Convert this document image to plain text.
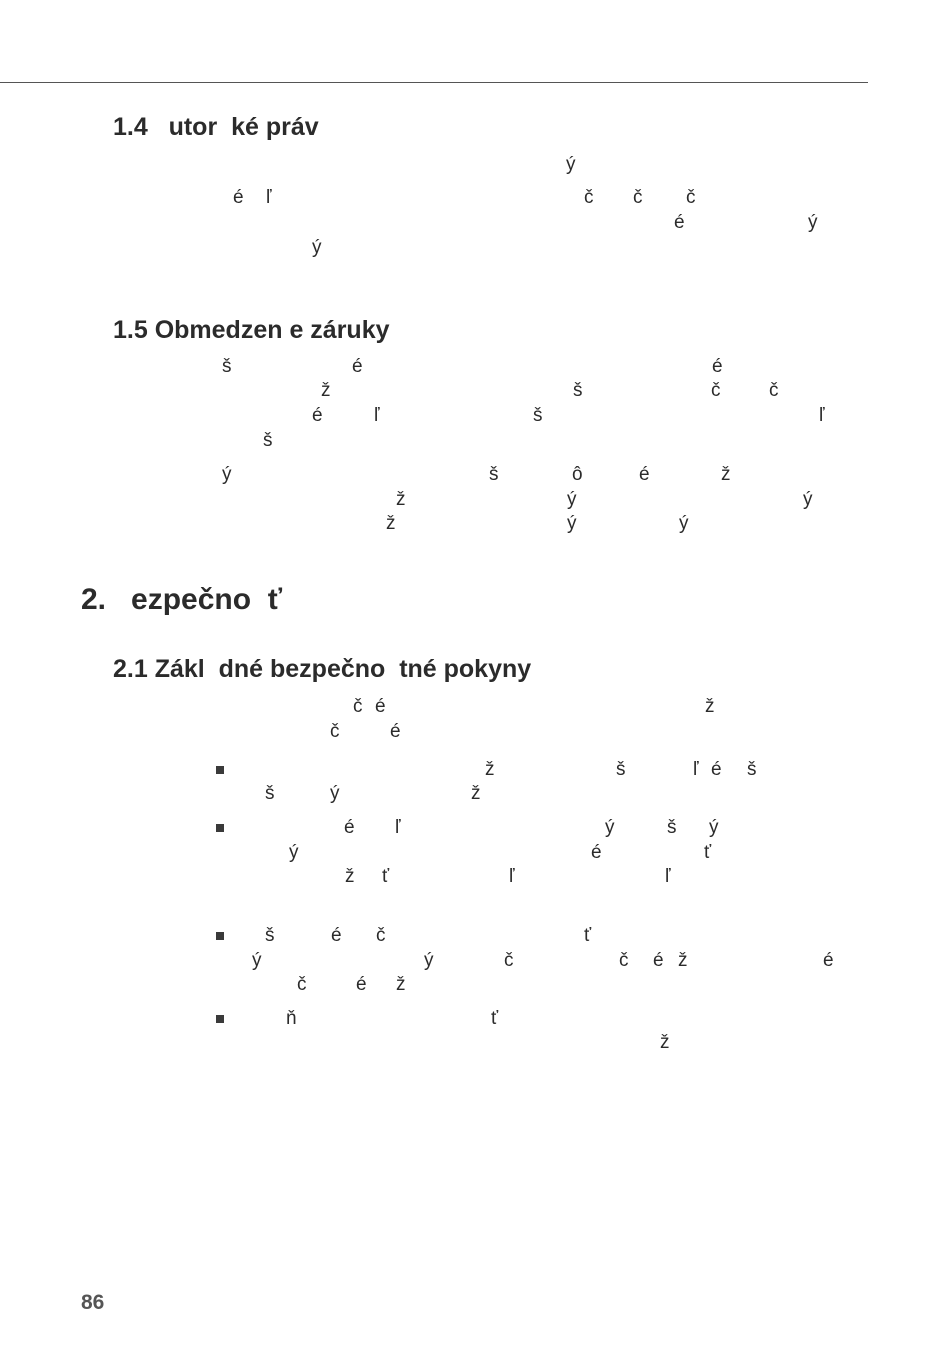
1.4   utor  ké práv
ý
é ľ	č č č
é	ý
ý
1.5 Obmedzen e záruky
š	é	é
ž	š	č	č
é	ľ	š	ľ
š
ý	š	ô	é	ž
ž	ý	ý
ž	ý	ý
2.   ezpečno  ť
2.1 Zákl  dné bezpečno  tné pokyny
č é	ž
č	é
ž	š	ľ é š
š	ý	ž
é ľ	ý	š ý
ý	é	ť
ž ť	ľ	ľ
š	é č	ť
ý	ý	č	č é ž	é
č	é ž
ň	ť
ž
86
